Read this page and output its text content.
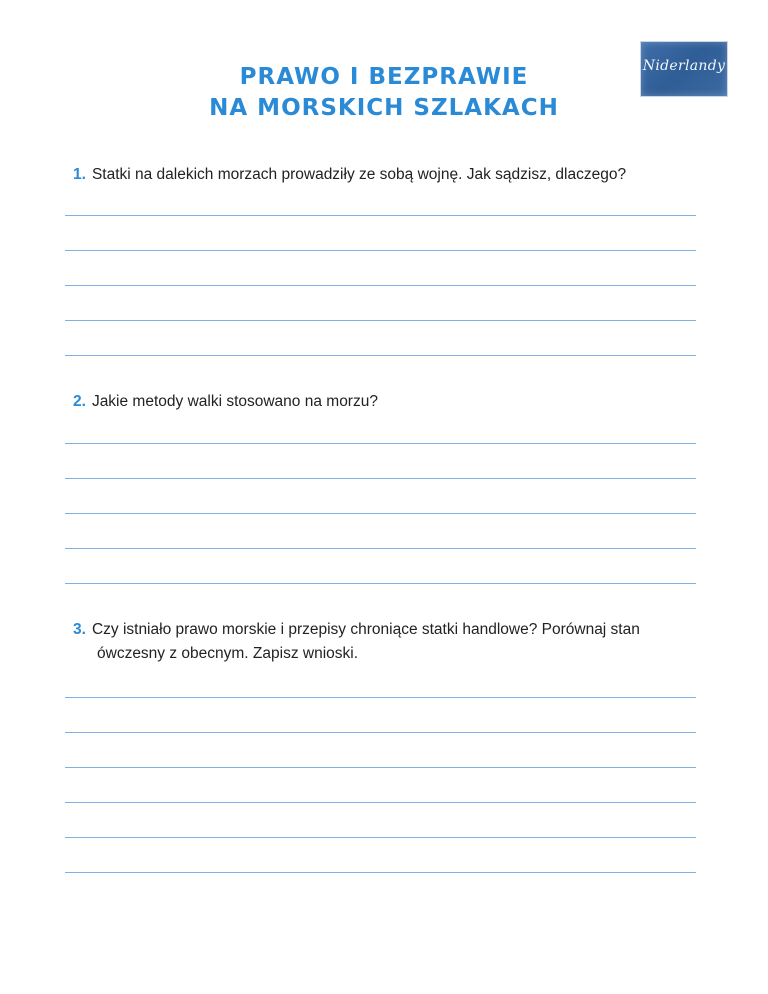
PRAWO I BEZPRAWIE
NA MORSKICH SZLAKACH
Niderlandy
1. Statki na dalekich morzach prowadziły ze sobą wojnę. Jak sądzisz, dlaczego?
2. Jakie metody walki stosowano na morzu?
3. Czy istniało prawo morskie i przepisy chroniące statki handlowe? Porównaj stan
ówczesny z obecnym. Zapisz wnioski.
